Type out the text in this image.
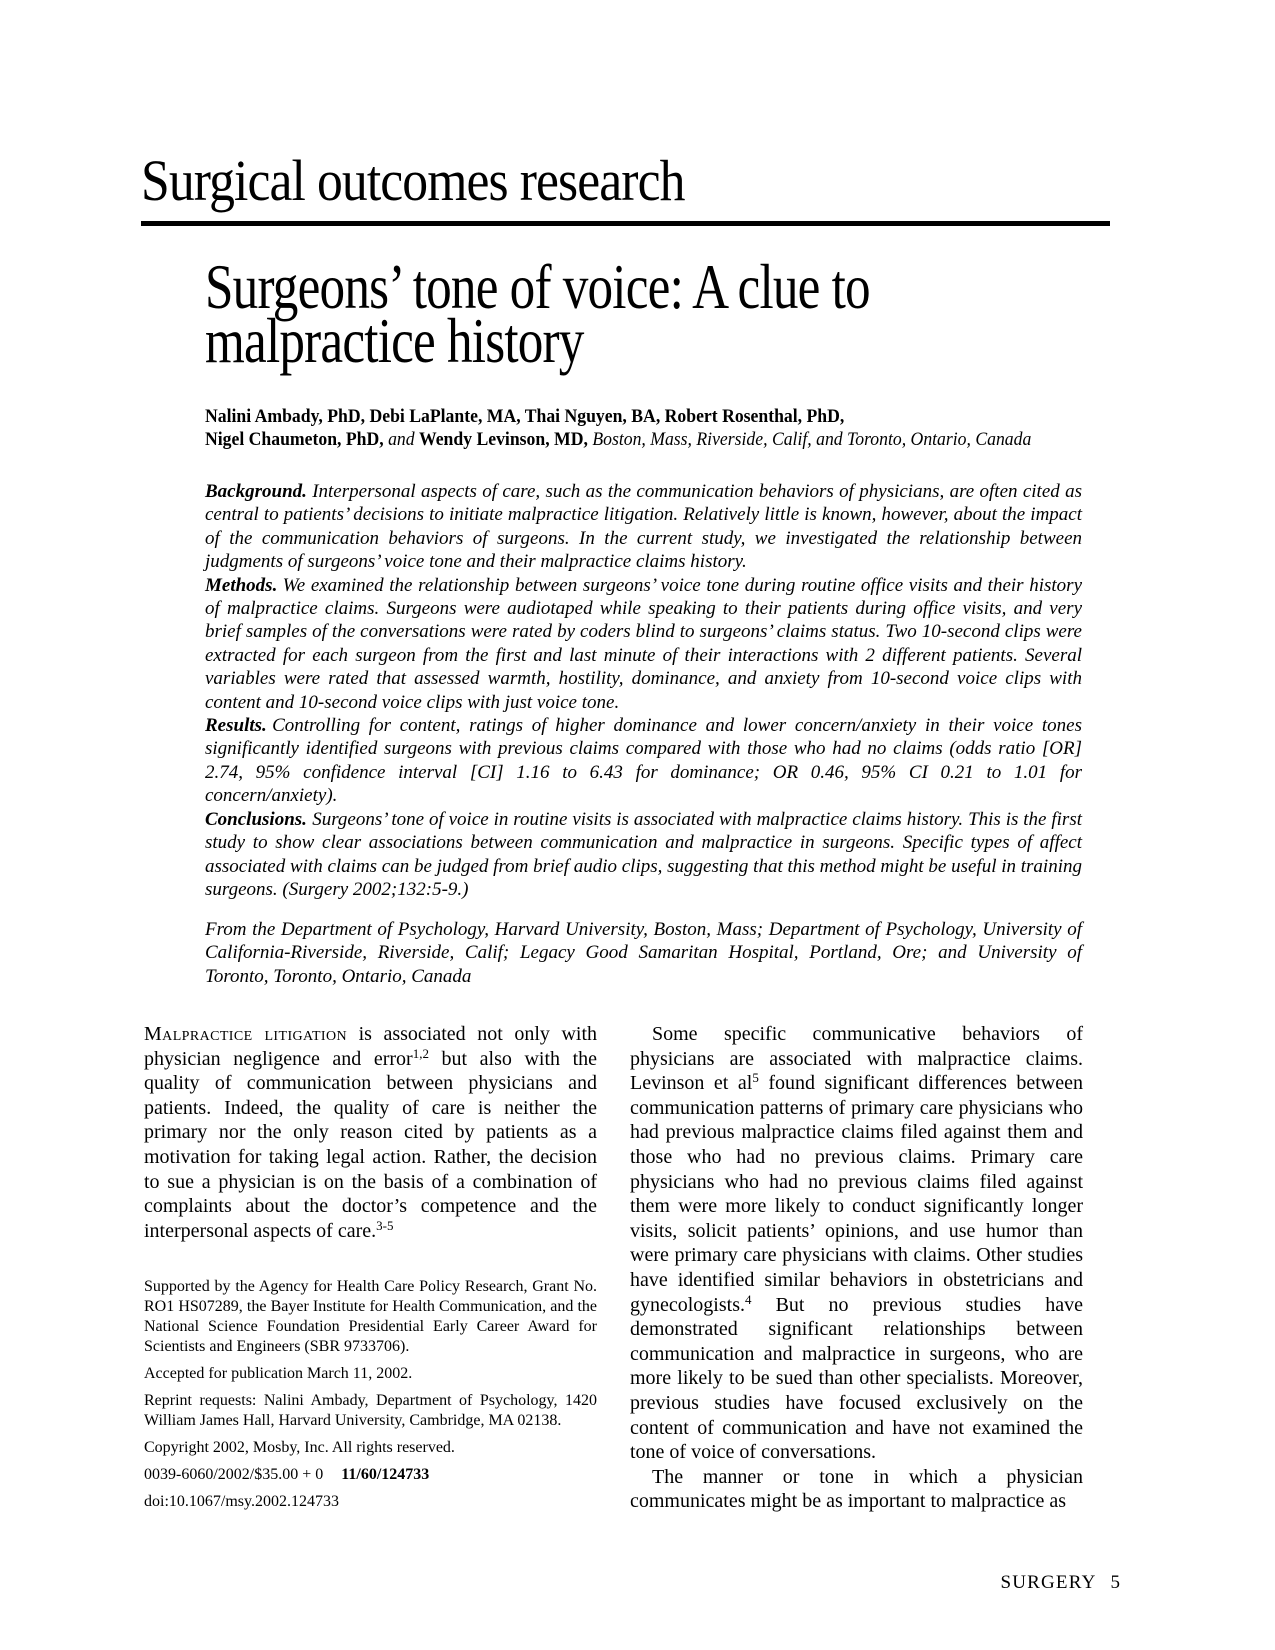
Surgical outcomes research
Surgeons’ tone of voice: A clue to
malpractice history
Nalini Ambady, PhD, Debi LaPlante, MA, Thai Nguyen, BA, Robert Rosenthal, PhD,
Nigel Chaumeton, PhD, and Wendy Levinson, MD, Boston, Mass, Riverside, Calif, and Toronto, Ontario, Canada

Background. Interpersonal aspects of care, such as the communication behaviors of physicians, are often cited as central to patients’ decisions to initiate malpractice litigation. Relatively little is known, however, about the impact of the communication behaviors of surgeons. In the current study, we investigated the relationship between judgments of surgeons’ voice tone and their malpractice claims history.

Methods. We examined the relationship between surgeons’ voice tone during routine office visits and their history of malpractice claims. Surgeons were audiotaped while speaking to their patients during office visits, and very brief samples of the conversations were rated by coders blind to surgeons’ claims status. Two 10-second clips were extracted for each surgeon from the first and last minute of their interactions with 2 different patients. Several variables were rated that assessed warmth, hostility, dominance, and anxiety from 10-second voice clips with content and 10-second voice clips with just voice tone.

Results. Controlling for content, ratings of higher dominance and lower concern/anxiety in their voice tones significantly identified surgeons with previous claims compared with those who had no claims (odds ratio [OR] 2.74, 95% confidence interval [CI] 1.16 to 6.43 for dominance; OR 0.46, 95% CI 0.21 to 1.01 for concern/anxiety).

Conclusions. Surgeons’ tone of voice in routine visits is associated with malpractice claims history. This is the first study to show clear associations between communication and malpractice in surgeons. Specific types of affect associated with claims can be judged from brief audio clips, suggesting that this method might be useful in training surgeons. (Surgery 2002;132:5-9.)

From the Department of Psychology, Harvard University, Boston, Mass; Department of Psychology, University of California-Riverside, Riverside, Calif; Legacy Good Samaritan Hospital, Portland, Ore; and University of Toronto, Toronto, Ontario, Canada

Malpractice litigation is associated not only with physician negligence and error$^{1,2}$ but also with the quality of communication between physicians and patients. Indeed, the quality of care is neither the primary nor the only reason cited by patients as a motivation for taking legal action. Rather, the decision to sue a physician is on the basis of a combination of complaints about the doctor’s competence and the interpersonal aspects of care.$^{3-5}$

Supported by the Agency for Health Care Policy Research, Grant No. RO1 HS07289, the Bayer Institute for Health Communication, and the National Science Foundation Presidential Early Career Award for Scientists and Engineers (SBR 9733706).

Accepted for publication March 11, 2002.

Reprint requests: Nalini Ambady, Department of Psychology, 1420 William James Hall, Harvard University, Cambridge, MA 02138.

Copyright 2002, Mosby, Inc. All rights reserved.

0039-6060/2002/$35.00 + 0 11/60/124733

doi:10.1067/msy.2002.124733

Some specific communicative behaviors of physicians are associated with malpractice claims. Levinson et al$^5$ found significant differences between communication patterns of primary care physicians who had previous malpractice claims filed against them and those who had no previous claims. Primary care physicians who had no previous claims filed against them were more likely to conduct significantly longer visits, solicit patients’ opinions, and use humor than were primary care physicians with claims. Other studies have identified similar behaviors in obstetricians and gynecologists.$^4$ But no previous studies have demonstrated significant relationships between communication and malpractice in surgeons, who are more likely to be sued than other specialists. Moreover, previous studies have focused exclusively on the content of communication and have not examined the tone of voice of conversations.

The manner or tone in which a physician communicates might be as important to malpractice as

SURGERY 5
